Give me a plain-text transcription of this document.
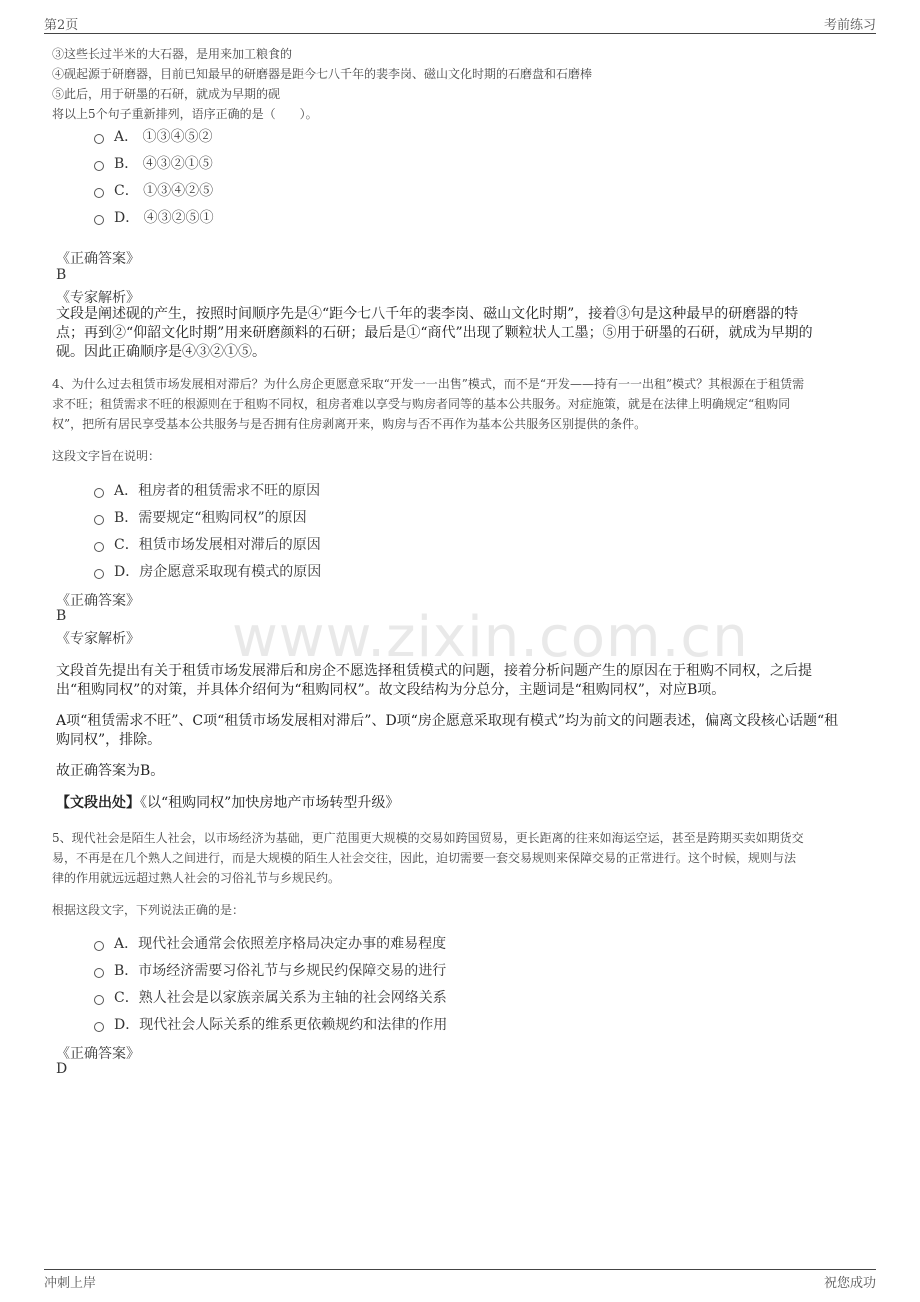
第2页	考前练习
www.zixin.com.cn
③这些长过半米的大石器，是用来加工粮食的
④砚起源于研磨器，目前已知最早的研磨器是距今七八千年的裴李岗、磁山文化时期的石磨盘和石磨棒
⑤此后，用于研墨的石研，就成为早期的砚
将以上5个句子重新排列，语序正确的是（　　）。
A． ①③④⑤②
B． ④③②①⑤
C． ①③④②⑤
D． ④③②⑤①
《正确答案》
B
《专家解析》
文段是阐述砚的产生，按照时间顺序先是④“距今七八千年的裴李岗、磁山文化时期”，接着③句是这种最早的研磨器的特
点；再到②“仰韶文化时期”用来研磨颜料的石研；最后是①“商代”出现了颗粒状人工墨；⑤用于研墨的石研，就成为早期的
砚。因此正确顺序是④③②①⑤。
4、为什么过去租赁市场发展相对滞后？为什么房企更愿意采取“开发一一出售”模式，而不是“开发——持有一一出租”模式？其根源在于租赁需
求不旺；租赁需求不旺的根源则在于租购不同权，租房者难以享受与购房者同等的基本公共服务。对症施策，就是在法律上明确规定“租购同
权”，把所有居民享受基本公共服务与是否拥有住房剥离开来，购房与否不再作为基本公共服务区别提供的条件。
这段文字旨在说明：
A．租房者的租赁需求不旺的原因
B．需要规定“租购同权”的原因
C．租赁市场发展相对滞后的原因
D．房企愿意采取现有模式的原因
《正确答案》
B
《专家解析》
文段首先提出有关于租赁市场发展滞后和房企不愿选择租赁模式的问题，接着分析问题产生的原因在于租购不同权，之后提
出“租购同权”的对策，并具体介绍何为“租购同权”。故文段结构为分总分，主题词是“租购同权”，对应B项。
A项“租赁需求不旺”、C项“租赁市场发展相对滞后”、D项“房企愿意采取现有模式”均为前文的问题表述，偏离文段核心话题“租
购同权”，排除。
故正确答案为B。
【文段出处】《以“租购同权”加快房地产市场转型升级》
5、现代社会是陌生人社会，以市场经济为基础，更广范围更大规模的交易如跨国贸易，更长距离的往来如海运空运，甚至是跨期买卖如期货交
易，不再是在几个熟人之间进行，而是大规模的陌生人社会交往，因此，迫切需要一套交易规则来保障交易的正常进行。这个时候，规则与法
律的作用就远远超过熟人社会的习俗礼节与乡规民约。
根据这段文字，下列说法正确的是：
A．现代社会通常会依照差序格局决定办事的难易程度
B．市场经济需要习俗礼节与乡规民约保障交易的进行
C．熟人社会是以家族亲属关系为主轴的社会网络关系
D．现代社会人际关系的维系更依赖规约和法律的作用
《正确答案》
D
冲刺上岸	祝您成功
